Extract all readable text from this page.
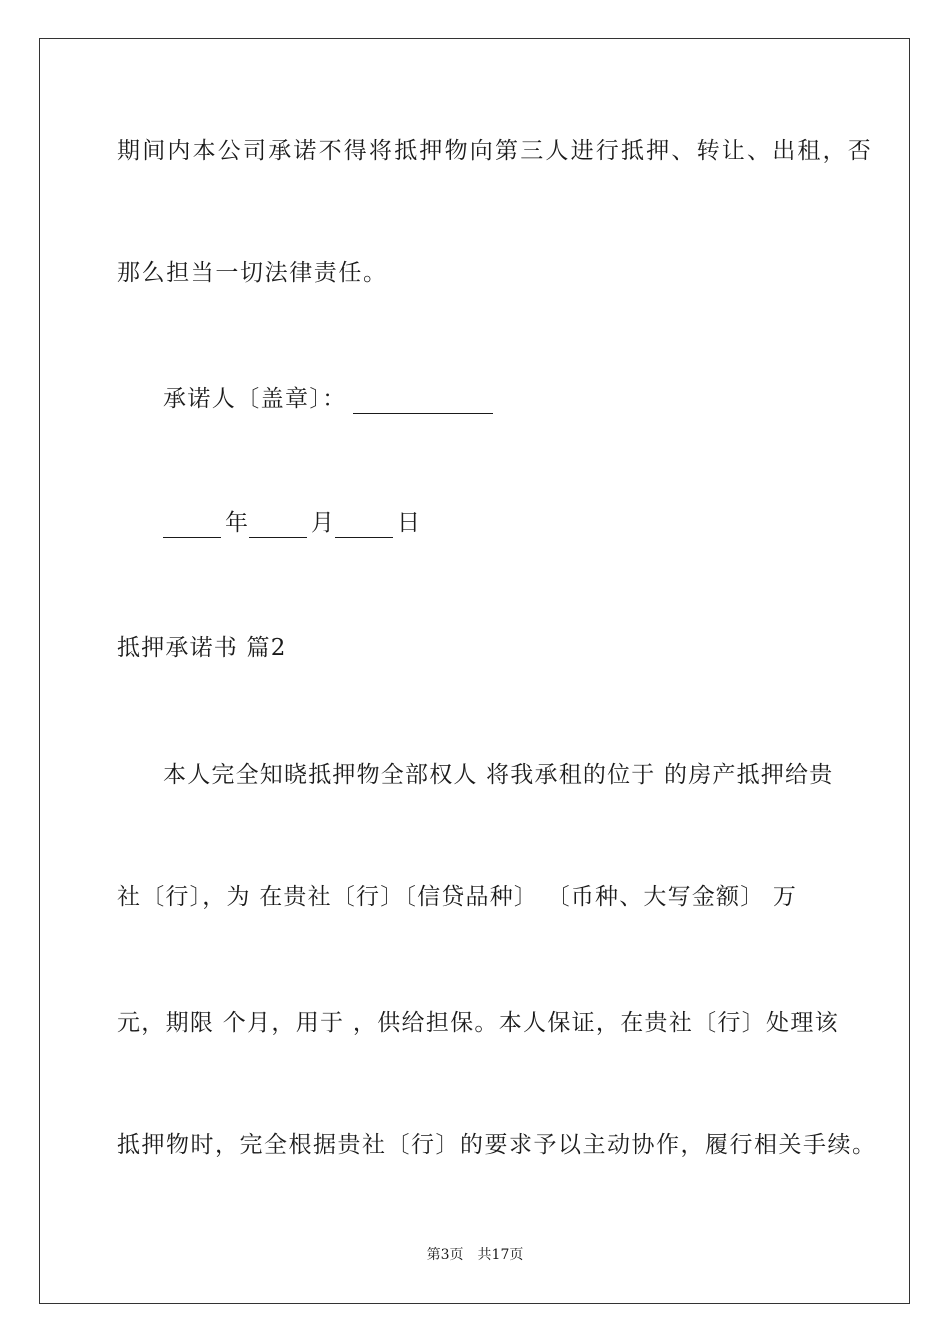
期间内本公司承诺不得将抵押物向第三人进行抵押、转让、出租，否
那么担当一切法律责任。
承诺人〔盖章〕：
年	月	日
抵押承诺书 篇2
本人完全知晓抵押物全部权人 将我承租的位于 的房产抵押给贵
社〔行〕，为 在贵社〔行〕〔信贷品种〕 〔币种、大写金额〕 万
元，期限 个月，用于 ，供给担保。本人保证，在贵社〔行〕处理该
抵押物时，完全根据贵社〔行〕的要求予以主动协作，履行相关手续。
第3页 共17页
